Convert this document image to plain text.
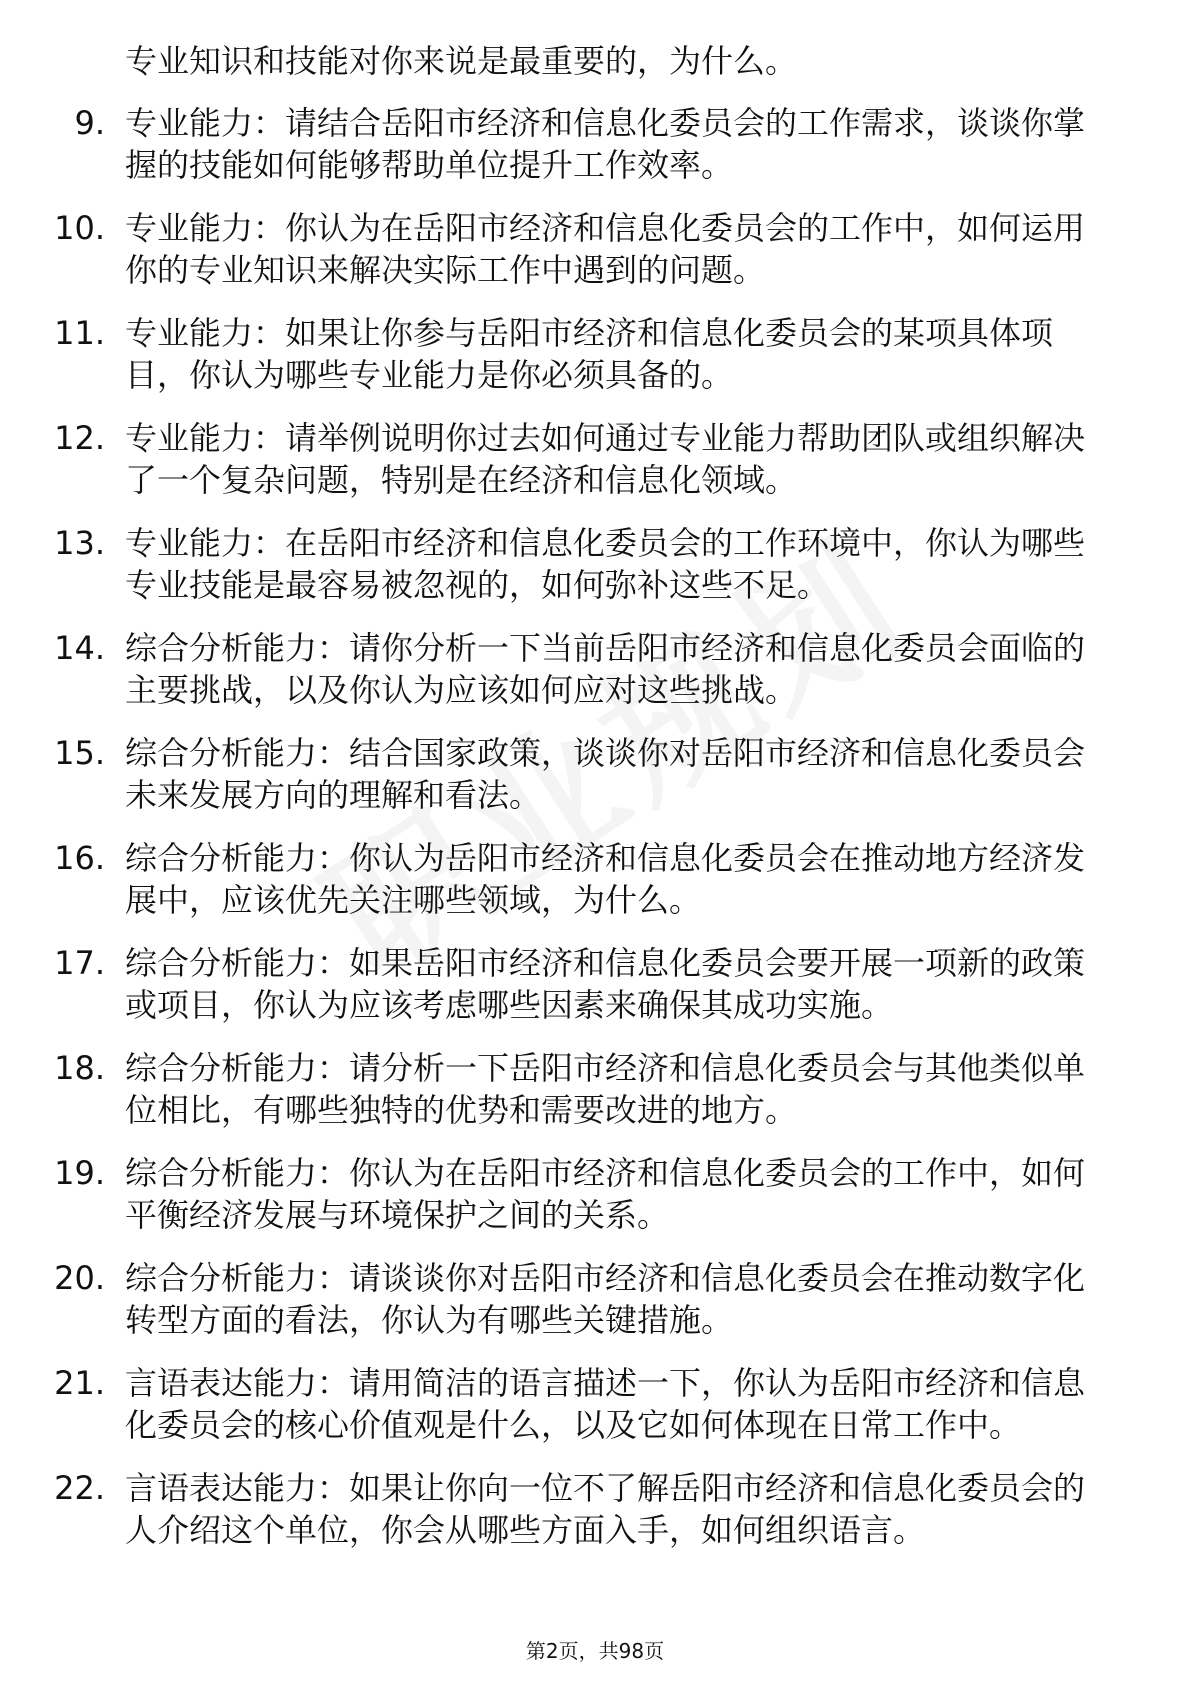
专业知识和技能对你来说是最重要的，为什么。
9. 专业能力：请结合岳阳市经济和信息化委员会的工作需求，谈谈你掌握的技能如何能够帮助单位提升工作效率。
10. 专业能力：你认为在岳阳市经济和信息化委员会的工作中，如何运用你的专业知识来解决实际工作中遇到的问题。
11. 专业能力：如果让你参与岳阳市经济和信息化委员会的某项具体项目，你认为哪些专业能力是你必须具备的。
12. 专业能力：请举例说明你过去如何通过专业能力帮助团队或组织解决了一个复杂问题，特别是在经济和信息化领域。
13. 专业能力：在岳阳市经济和信息化委员会的工作环境中，你认为哪些专业技能是最容易被忽视的，如何弥补这些不足。
14. 综合分析能力：请你分析一下当前岳阳市经济和信息化委员会面临的主要挑战，以及你认为应该如何应对这些挑战。
15. 综合分析能力：结合国家政策，谈谈你对岳阳市经济和信息化委员会未来发展方向的理解和看法。
16. 综合分析能力：你认为岳阳市经济和信息化委员会在推动地方经济发展中，应该优先关注哪些领域，为什么。
17. 综合分析能力：如果岳阳市经济和信息化委员会要开展一项新的政策或项目，你认为应该考虑哪些因素来确保其成功实施。
18. 综合分析能力：请分析一下岳阳市经济和信息化委员会与其他类似单位相比，有哪些独特的优势和需要改进的地方。
19. 综合分析能力：你认为在岳阳市经济和信息化委员会的工作中，如何平衡经济发展与环境保护之间的关系。
20. 综合分析能力：请谈谈你对岳阳市经济和信息化委员会在推动数字化转型方面的看法，你认为有哪些关键措施。
21. 言语表达能力：请用简洁的语言描述一下，你认为岳阳市经济和信息化委员会的核心价值观是什么，以及它如何体现在日常工作中。
22. 言语表达能力：如果让你向一位不了解岳阳市经济和信息化委员会的人介绍这个单位，你会从哪些方面入手，如何组织语言。
第2页，共98页
